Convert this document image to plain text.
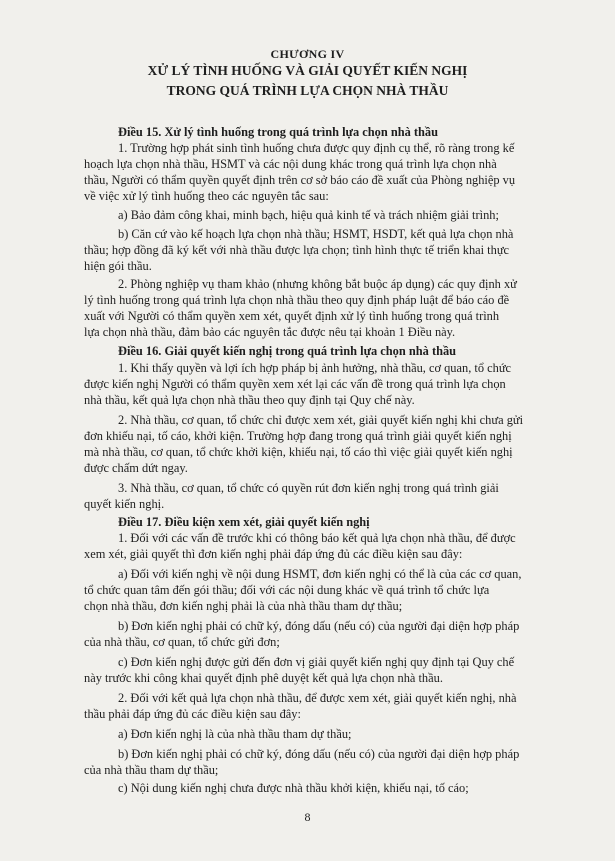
CHƯƠNG IV
XỬ LÝ TÌNH HUỐNG VÀ GIẢI QUYẾT KIẾN NGHỊ
TRONG QUÁ TRÌNH LỰA CHỌN NHÀ THẦU

Điều 15. Xử lý tình huống trong quá trình lựa chọn nhà thầu

1. Trường hợp phát sinh tình huống chưa được quy định cụ thể, rõ ràng trong kế

hoạch lựa chọn nhà thầu, HSMT và các nội dung khác trong quá trình lựa chọn nhà

thầu, Người có thẩm quyền quyết định trên cơ sở báo cáo đề xuất của Phòng nghiệp vụ

về việc xử lý tình huống theo các nguyên tắc sau:

a) Bảo đảm công khai, minh bạch, hiệu quả kinh tế và trách nhiệm giải trình;

b) Căn cứ vào kế hoạch lựa chọn nhà thầu; HSMT, HSDT, kết quả lựa chọn nhà

thầu; hợp đồng đã ký kết với nhà thầu được lựa chọn; tình hình thực tế triển khai thực

hiện gói thầu.

2. Phòng nghiệp vụ tham khảo (nhưng không bắt buộc áp dụng) các quy định xử

lý tình huống trong quá trình lựa chọn nhà thầu theo quy định pháp luật để báo cáo đề

xuất với Người có thẩm quyền xem xét, quyết định xử lý tình huống trong quá trình

lựa chọn nhà thầu, đảm bảo các nguyên tắc được nêu tại khoản 1 Điều này.

Điều 16. Giải quyết kiến nghị trong quá trình lựa chọn nhà thầu

1. Khi thấy quyền và lợi ích hợp pháp bị ảnh hưởng, nhà thầu, cơ quan, tổ chức

được kiến nghị Người có thẩm quyền xem xét lại các vấn đề trong quá trình lựa chọn

nhà thầu, kết quả lựa chọn nhà thầu theo quy định tại Quy chế này.

2. Nhà thầu, cơ quan, tổ chức chỉ được xem xét, giải quyết kiến nghị khi chưa gửi

đơn khiếu nại, tố cáo, khởi kiện. Trường hợp đang trong quá trình giải quyết kiến nghị

mà nhà thầu, cơ quan, tổ chức khởi kiện, khiếu nại, tố cáo thì việc giải quyết kiến nghị

được chấm dứt ngay.

3. Nhà thầu, cơ quan, tổ chức có quyền rút đơn kiến nghị trong quá trình giải

quyết kiến nghị.

Điều 17. Điều kiện xem xét, giải quyết kiến nghị

1. Đối với các vấn đề trước khi có thông báo kết quả lựa chọn nhà thầu, để được

xem xét, giải quyết thì đơn kiến nghị phải đáp ứng đủ các điều kiện sau đây:

a) Đối với kiến nghị về nội dung HSMT, đơn kiến nghị có thể là của các cơ quan,

tổ chức quan tâm đến gói thầu; đối với các nội dung khác về quá trình tổ chức lựa

chọn nhà thầu, đơn kiến nghị phải là của nhà thầu tham dự thầu;

b) Đơn kiến nghị phải có chữ ký, đóng dấu (nếu có) của người đại diện hợp pháp

của nhà thầu, cơ quan, tổ chức gửi đơn;

c) Đơn kiến nghị được gửi đến đơn vị giải quyết kiến nghị quy định tại Quy chế

này trước khi công khai quyết định phê duyệt kết quả lựa chọn nhà thầu.

2. Đối với kết quả lựa chọn nhà thầu, để được xem xét, giải quyết kiến nghị, nhà

thầu phải đáp ứng đủ các điều kiện sau đây:

a) Đơn kiến nghị là của nhà thầu tham dự thầu;

b) Đơn kiến nghị phải có chữ ký, đóng dấu (nếu có) của người đại diện hợp pháp

của nhà thầu tham dự thầu;

c) Nội dung kiến nghị chưa được nhà thầu khởi kiện, khiếu nại, tố cáo;

8
